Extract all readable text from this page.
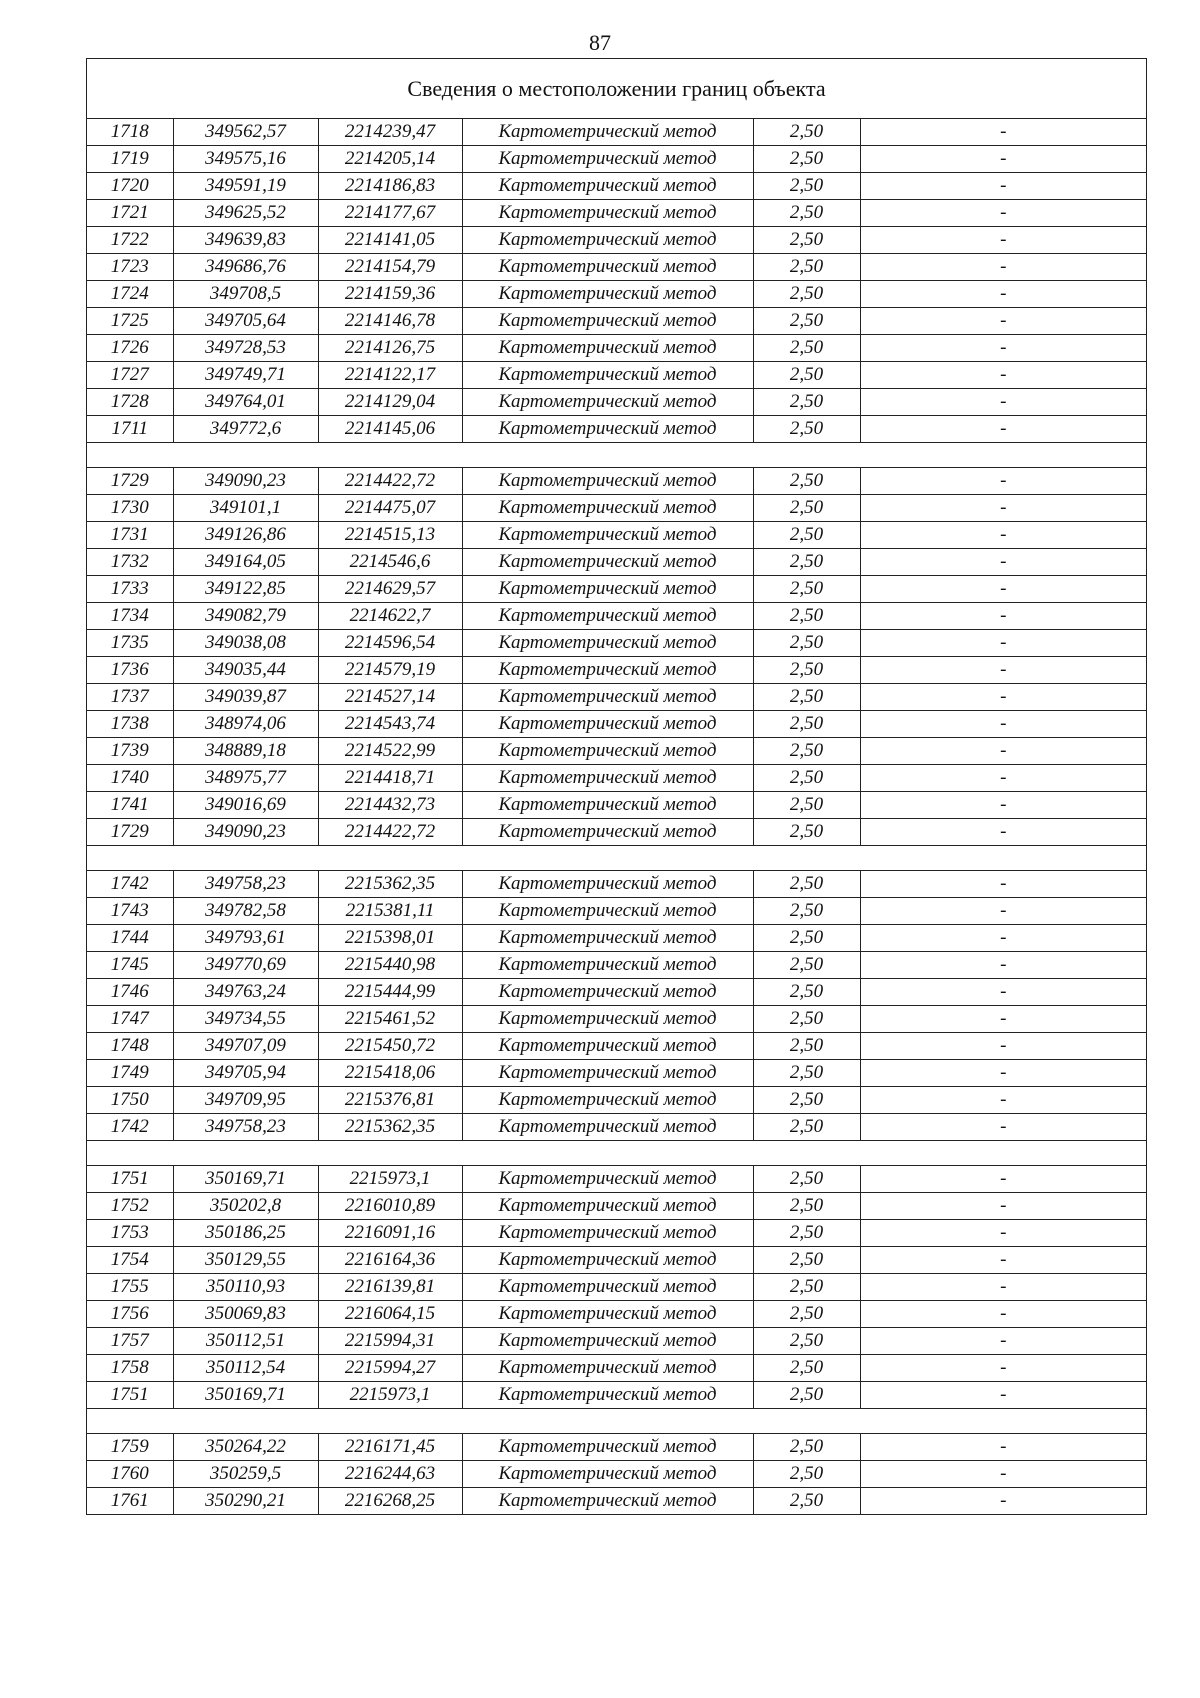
87
Сведения о местоположении границ объекта
1718	349562,57	2214239,47	Картометрический метод	2,50	-
1719	349575,16	2214205,14	Картометрический метод	2,50	-
1720	349591,19	2214186,83	Картометрический метод	2,50	-
1721	349625,52	2214177,67	Картометрический метод	2,50	-
1722	349639,83	2214141,05	Картометрический метод	2,50	-
1723	349686,76	2214154,79	Картометрический метод	2,50	-
1724	349708,5	2214159,36	Картометрический метод	2,50	-
1725	349705,64	2214146,78	Картометрический метод	2,50	-
1726	349728,53	2214126,75	Картометрический метод	2,50	-
1727	349749,71	2214122,17	Картометрический метод	2,50	-
1728	349764,01	2214129,04	Картометрический метод	2,50	-
1711	349772,6	2214145,06	Картометрический метод	2,50	-

1729	349090,23	2214422,72	Картометрический метод	2,50	-
1730	349101,1	2214475,07	Картометрический метод	2,50	-
1731	349126,86	2214515,13	Картометрический метод	2,50	-
1732	349164,05	2214546,6	Картометрический метод	2,50	-
1733	349122,85	2214629,57	Картометрический метод	2,50	-
1734	349082,79	2214622,7	Картометрический метод	2,50	-
1735	349038,08	2214596,54	Картометрический метод	2,50	-
1736	349035,44	2214579,19	Картометрический метод	2,50	-
1737	349039,87	2214527,14	Картометрический метод	2,50	-
1738	348974,06	2214543,74	Картометрический метод	2,50	-
1739	348889,18	2214522,99	Картометрический метод	2,50	-
1740	348975,77	2214418,71	Картометрический метод	2,50	-
1741	349016,69	2214432,73	Картометрический метод	2,50	-
1729	349090,23	2214422,72	Картометрический метод	2,50	-

1742	349758,23	2215362,35	Картометрический метод	2,50	-
1743	349782,58	2215381,11	Картометрический метод	2,50	-
1744	349793,61	2215398,01	Картометрический метод	2,50	-
1745	349770,69	2215440,98	Картометрический метод	2,50	-
1746	349763,24	2215444,99	Картометрический метод	2,50	-
1747	349734,55	2215461,52	Картометрический метод	2,50	-
1748	349707,09	2215450,72	Картометрический метод	2,50	-
1749	349705,94	2215418,06	Картометрический метод	2,50	-
1750	349709,95	2215376,81	Картометрический метод	2,50	-
1742	349758,23	2215362,35	Картометрический метод	2,50	-

1751	350169,71	2215973,1	Картометрический метод	2,50	-
1752	350202,8	2216010,89	Картометрический метод	2,50	-
1753	350186,25	2216091,16	Картометрический метод	2,50	-
1754	350129,55	2216164,36	Картометрический метод	2,50	-
1755	350110,93	2216139,81	Картометрический метод	2,50	-
1756	350069,83	2216064,15	Картометрический метод	2,50	-
1757	350112,51	2215994,31	Картометрический метод	2,50	-
1758	350112,54	2215994,27	Картометрический метод	2,50	-
1751	350169,71	2215973,1	Картометрический метод	2,50	-

1759	350264,22	2216171,45	Картометрический метод	2,50	-
1760	350259,5	2216244,63	Картометрический метод	2,50	-
1761	350290,21	2216268,25	Картометрический метод	2,50	-
